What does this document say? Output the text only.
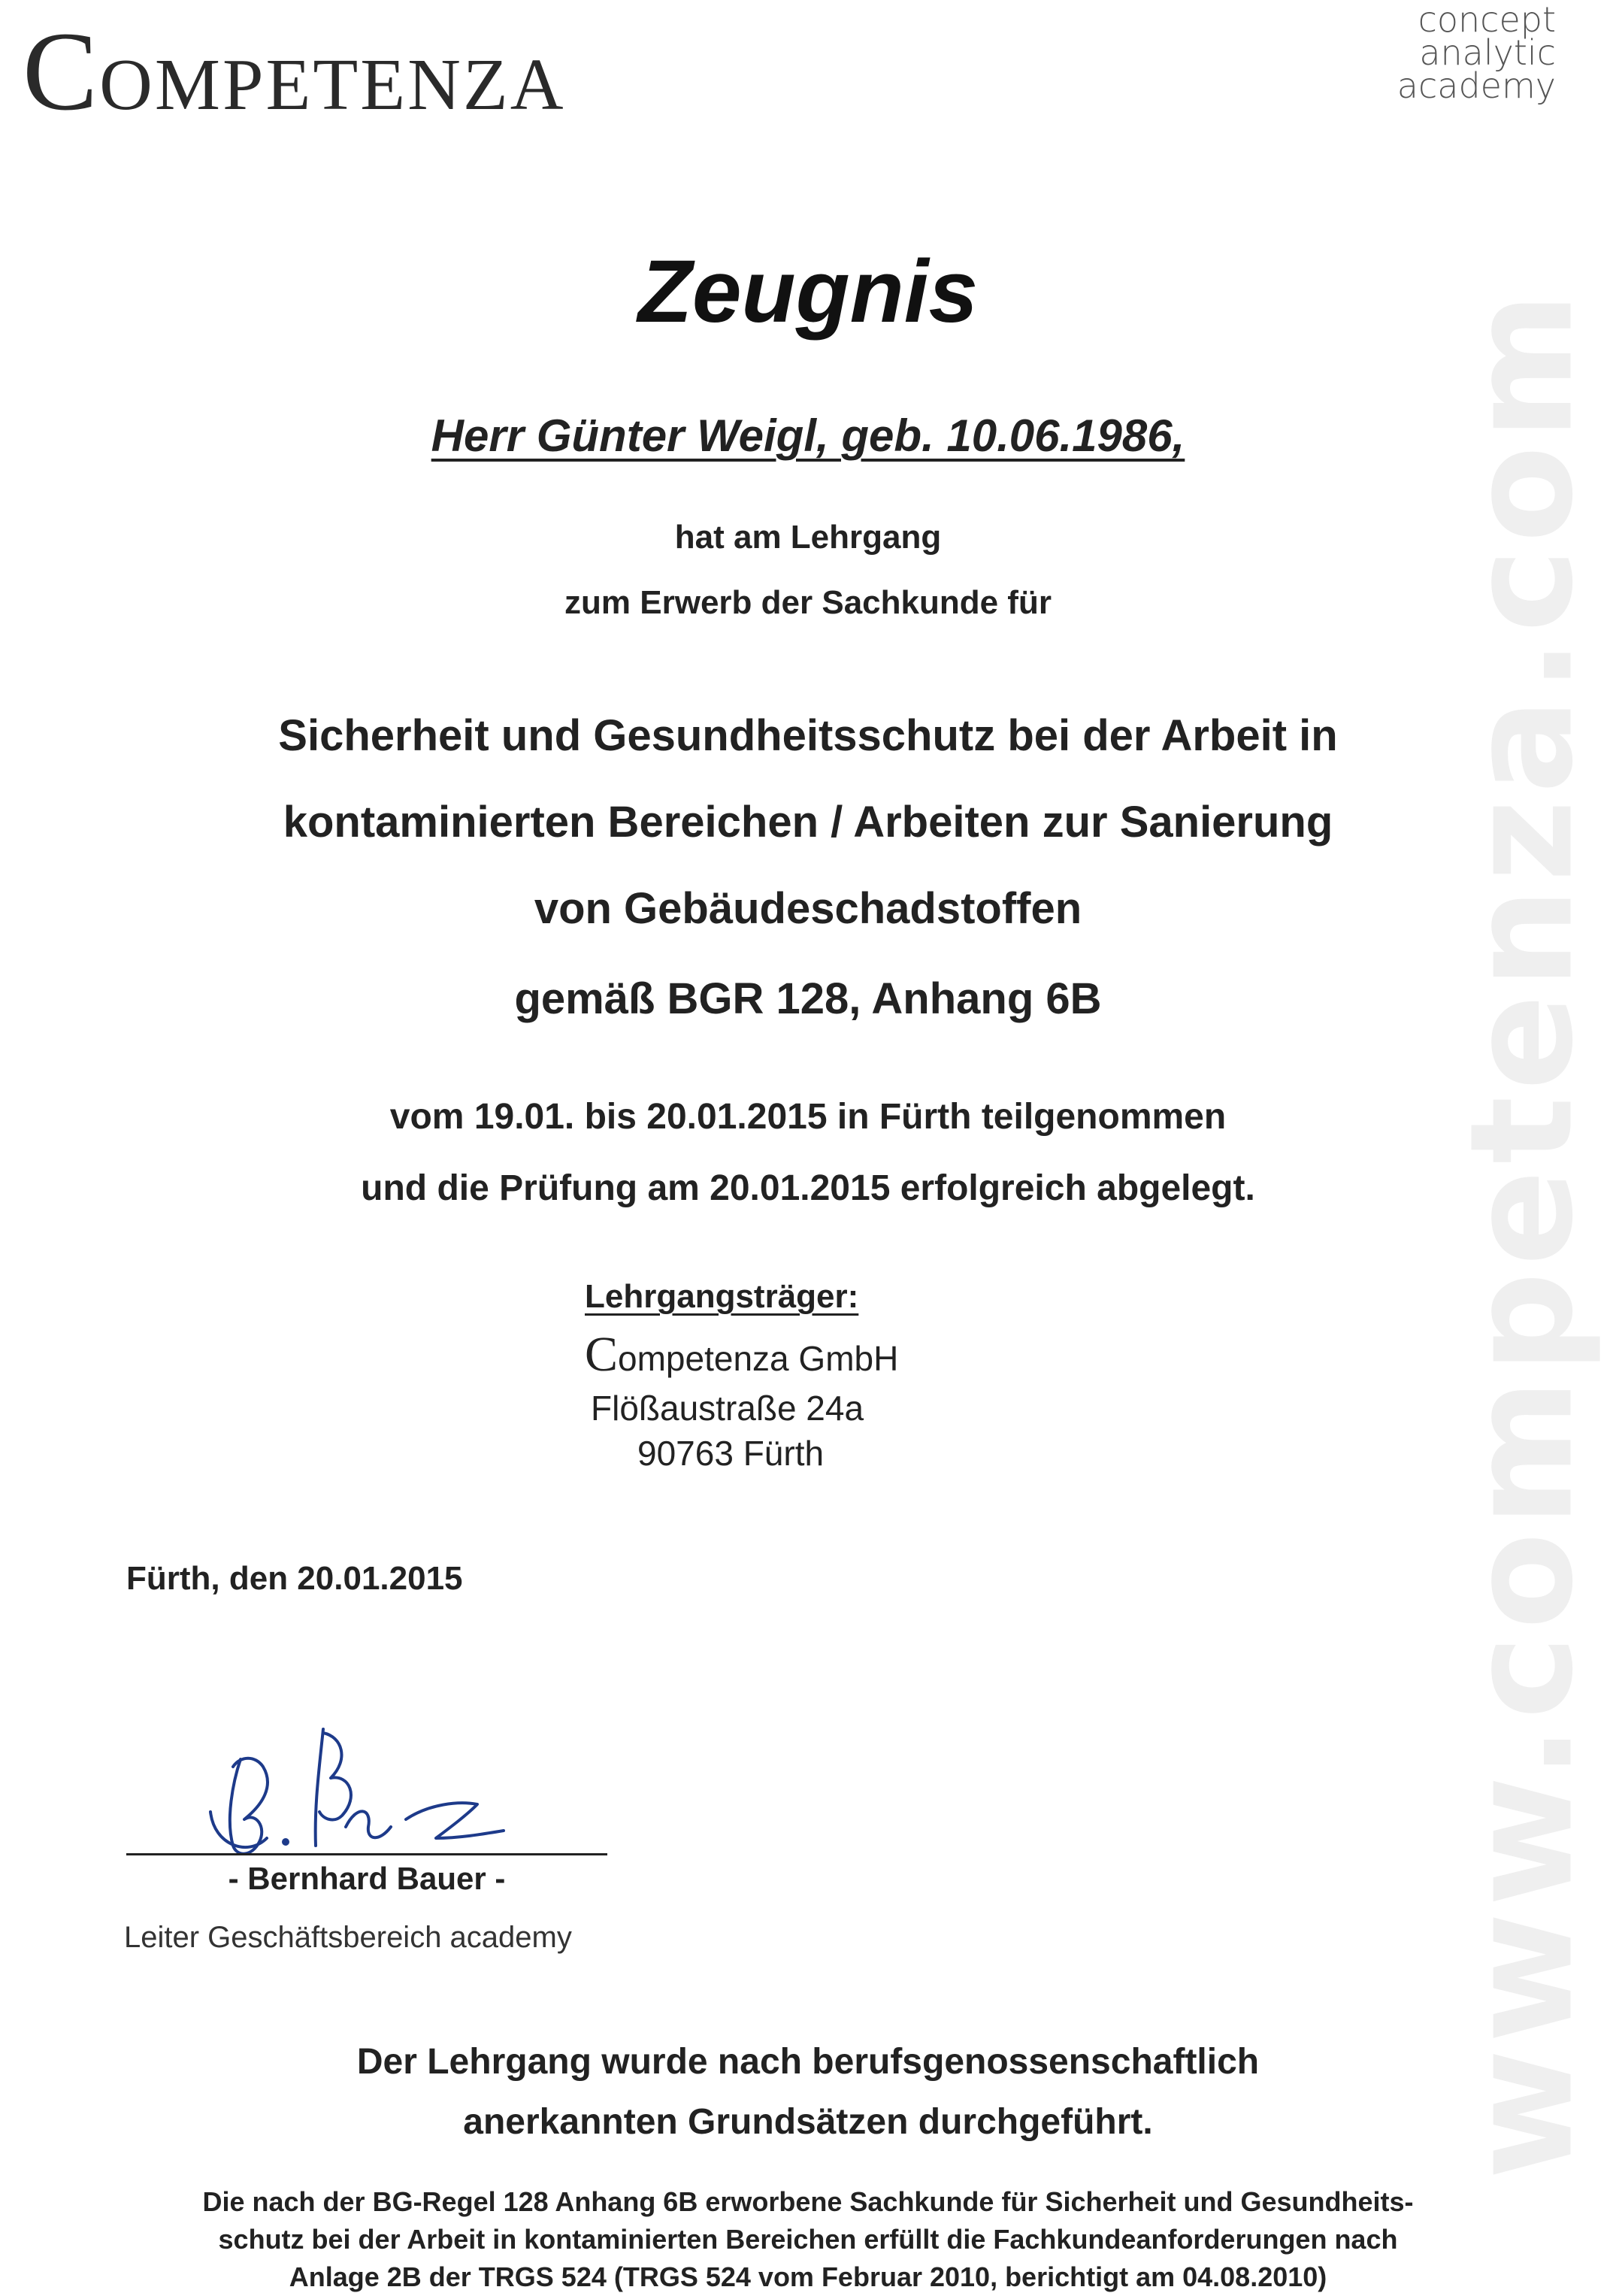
www.competenza.com
COMPETENZA
concept
analytic
academy
Zeugnis
Herr Günter Weigl, geb. 10.06.1986,
hat am Lehrgang
zum Erwerb der Sachkunde für
Sicherheit und Gesundheitsschutz bei der Arbeit in
kontaminierten Bereichen / Arbeiten zur Sanierung
von Gebäudeschadstoffen
gemäß BGR 128, Anhang 6B
vom 19.01. bis 20.01.2015 in Fürth teilgenommen
und die Prüfung am 20.01.2015 erfolgreich abgelegt.
Lehrgangsträger:
Competenza GmbH
Flößaustraße 24a
90763 Fürth
Fürth, den 20.01.2015
- Bernhard Bauer -
Leiter Geschäftsbereich academy
Der Lehrgang wurde nach berufsgenossenschaftlich
anerkannten Grundsätzen durchgeführt.
Die nach der BG-Regel 128 Anhang 6B erworbene Sachkunde für Sicherheit und Gesundheits-
schutz bei der Arbeit in kontaminierten Bereichen erfüllt die Fachkundeanforderungen nach
Anlage 2B der TRGS 524 (TRGS 524 vom Februar 2010, berichtigt am 04.08.2010)
